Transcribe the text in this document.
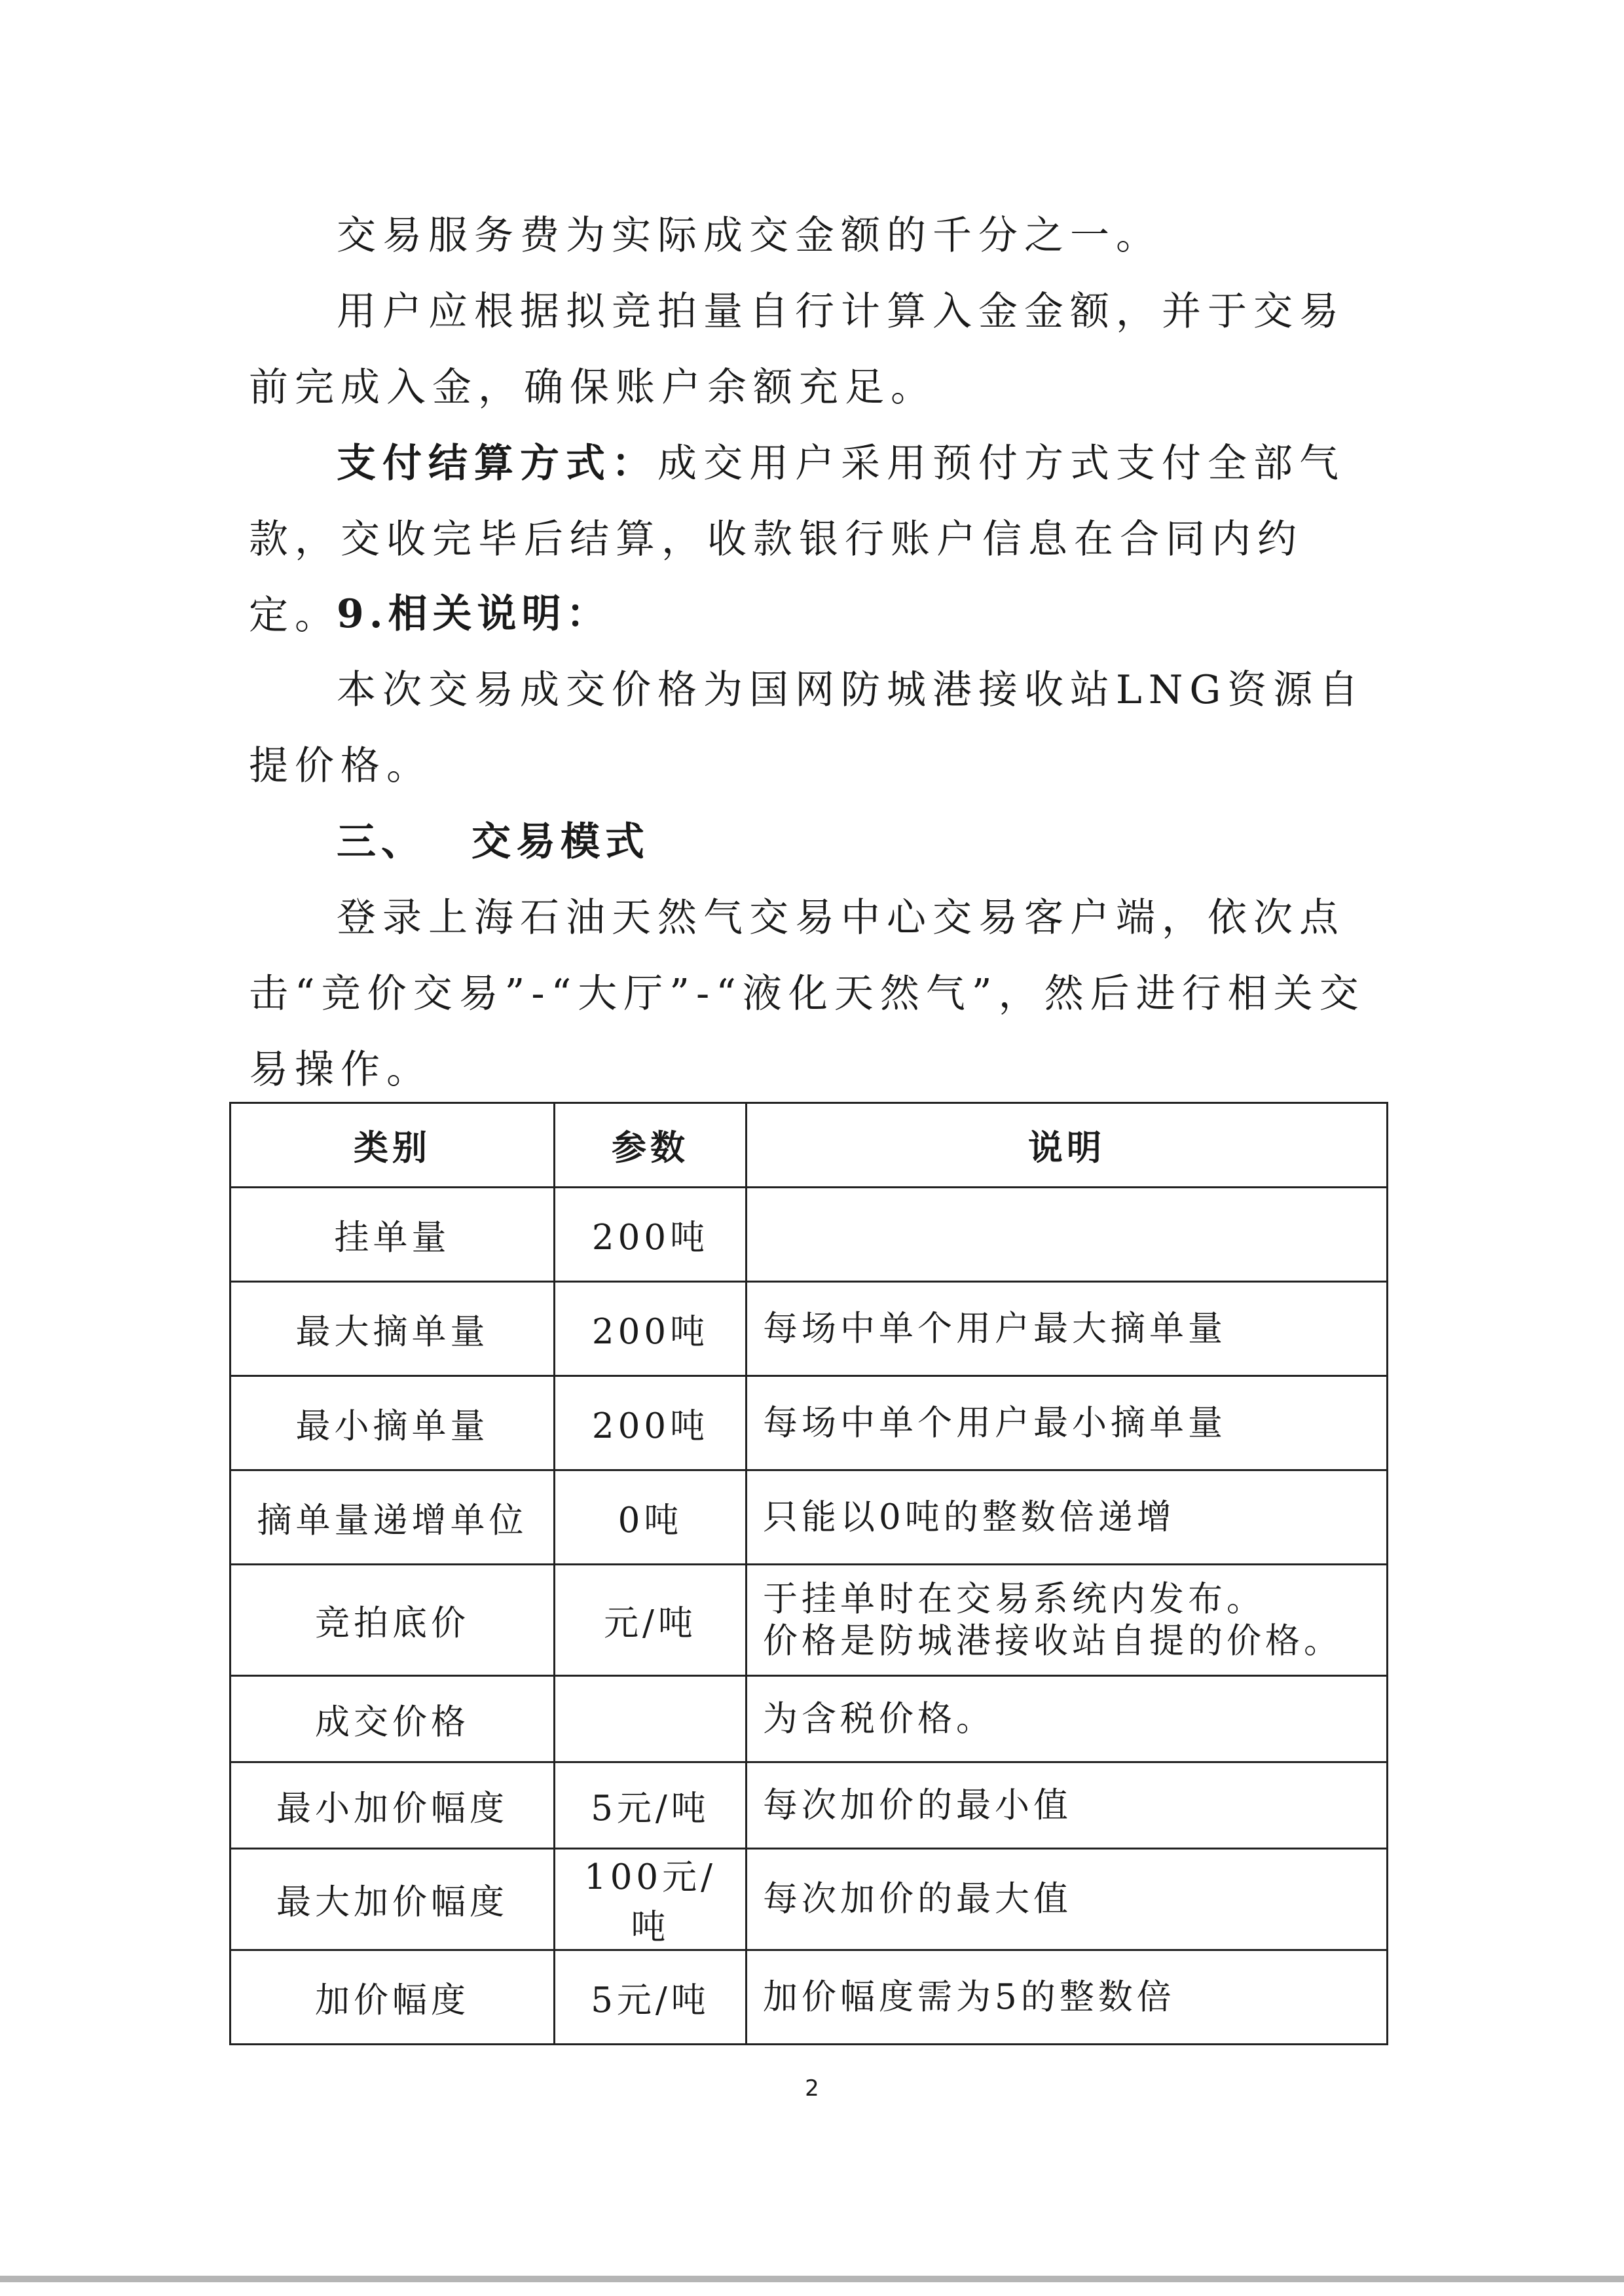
交易服务费为实际成交金额的千分之一。

用户应根据拟竞拍量自行计算入金金额，并于交易前完成入金，确保账户余额充足。

支付结算方式：成交用户采用预付方式支付全部气款，交收完毕后结算，收款银行账户信息在合同内约定。

9.相关说明：

本次交易成交价格为国网防城港接收站LNG资源自提价格。

三、 交易模式

登录上海石油天然气交易中心交易客户端，依次点击“竞价交易”-“大厅”-“液化天然气”，然后进行相关交易操作。

类别	参数	说明
挂单量	200吨	
最大摘单量	200吨	每场中单个用户最大摘单量
最小摘单量	200吨	每场中单个用户最小摘单量
摘单量递增单位	0吨	只能以0吨的整数倍递增
竞拍底价	元/吨	于挂单时在交易系统内发布。
价格是防城港接收站自提的价格。

成交价格		为含税价格。
最小加价幅度	5元/吨	每次加价的最小值
最大加价幅度	100元/吨	每次加价的最大值
加价幅度	5元/吨	加价幅度需为5的整数倍
2
